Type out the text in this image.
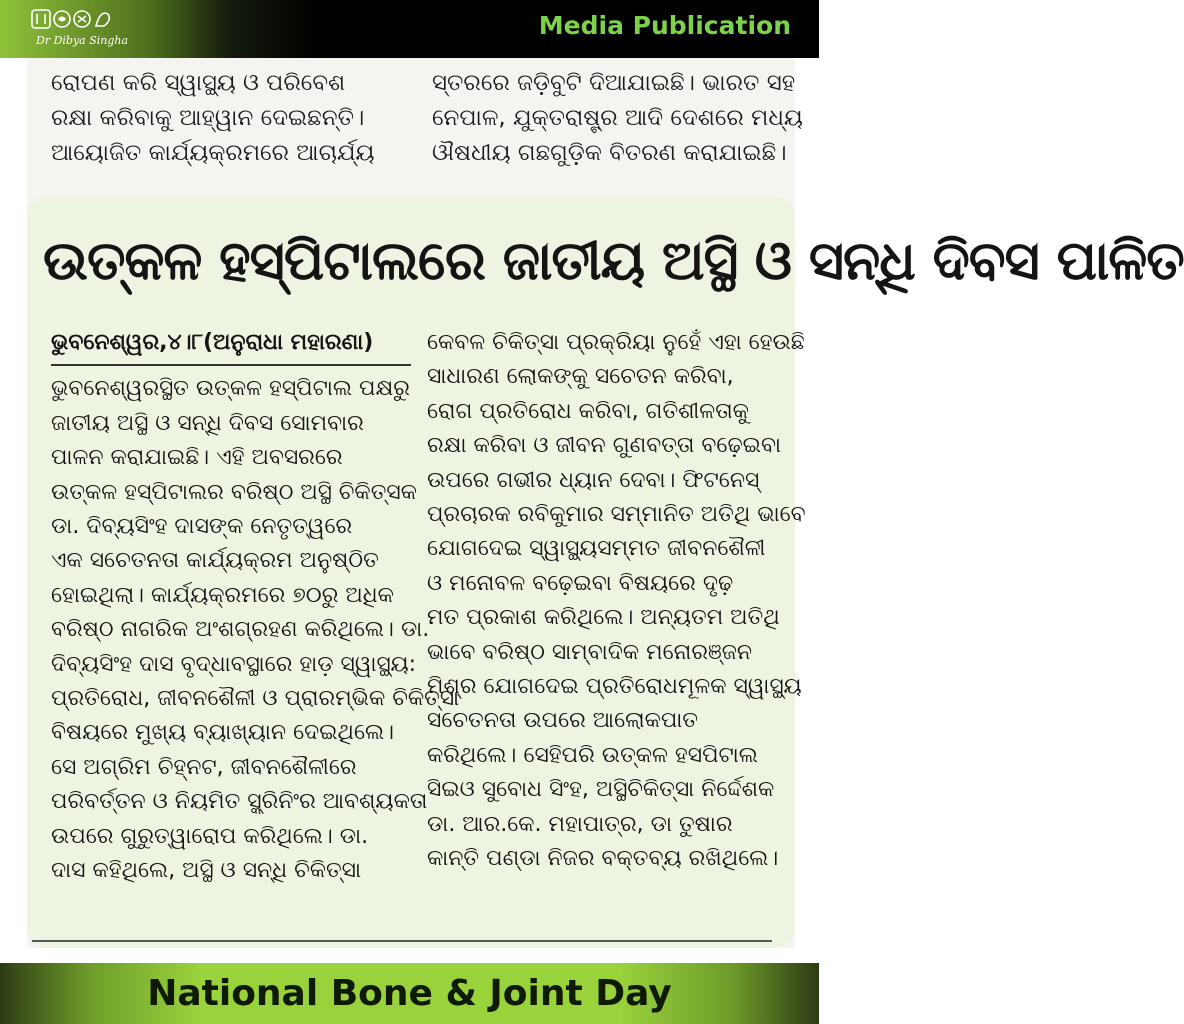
Dr Dibya Singha
Media Publication

ରୋପଣ କରି ସ୍ୱାସ୍ଥ୍ୟ ଓ ପରିବେଶ

ରକ୍ଷା କରିବାକୁ ଆହ୍ୱାନ ଦେଇଛନ୍ତି।

ଆୟୋଜିତ କାର୍ଯ୍ୟକ୍ରମରେ ଆଚାର୍ଯ୍ୟ

ସ୍ତରରେ ଜଡ଼ିବୁଟି ଦିଆଯାଇଛି। ଭାରତ ସହ

ନେପାଳ, ଯୁକ୍ତରାଷ୍ଟ୍ର ଆଦି ଦେଶରେ ମଧ୍ୟ

ଔଷଧୀୟ ଗଛଗୁଡ଼ିକ ବିତରଣ କରାଯାଇଛି।

ଉତ୍କଳ ହସ୍ପିଟାଲରେ ଜାତୀୟ ଅସ୍ଥି ଓ ସନ୍ଧି ଦିବସ ପାଳିତ

ଭୁବନେଶ୍ୱର,୪।୮(ଅନୁରାଧା ମହାରଣା)

ଭୁବନେଶ୍ୱରସ୍ଥିତ ଉତ୍କଳ ହସ୍ପିଟାଲ ପକ୍ଷରୁ

ଜାତୀୟ ଅସ୍ଥି ଓ ସନ୍ଧି ଦିବସ ସୋମବାର

ପାଳନ କରାଯାଇଛି। ଏହି ଅବସରରେ

ଉତ୍କଳ ହସ୍ପିଟାଲର ବରିଷ୍ଠ ଅସ୍ଥି ଚିକିତ୍ସକ

ଡା. ଦିବ୍ୟସିଂହ ଦାସଙ୍କ ନେତୃତ୍ୱରେ

ଏକ ସଚେତନତା କାର୍ଯ୍ୟକ୍ରମ ଅନୁଷ୍ଠିତ

ହୋଇଥିଲା। କାର୍ଯ୍ୟକ୍ରମରେ ୭୦ରୁ ଅଧିକ

ବରିଷ୍ଠ ନାଗରିକ ଅଂଶଗ୍ରହଣ କରିଥିଲେ। ଡା.

ଦିବ୍ୟସିଂହ ଦାସ ବୃଦ୍ଧାବସ୍ଥାରେ ହାଡ଼ ସ୍ୱାସ୍ଥ୍ୟ:

ପ୍ରତିରୋଧ, ଜୀବନଶୈଳୀ ଓ ପ୍ରାରମ୍ଭିକ ଚିକିତ୍ସା

ବିଷୟରେ ମୁଖ୍ୟ ବ୍ୟାଖ୍ୟାନ ଦେଇଥିଲେ।

ସେ ଅଗ୍ରିମ ଚିହ୍ନଟ, ଜୀବନଶୈଳୀରେ

ପରିବର୍ତ୍ତନ ଓ ନିୟମିତ ସ୍କ୍ରିନିଂର ଆବଶ୍ୟକତା

ଉପରେ ଗୁରୁତ୍ୱାରୋପ କରିଥିଲେ। ଡା.

ଦାସ କହିଥିଲେ, ଅସ୍ଥି ଓ ସନ୍ଧି ଚିକିତ୍ସା

କେବଳ ଚିକିତ୍ସା ପ୍ରକ୍ରିୟା ନୁହେଁ ଏହା ହେଉଛି

ସାଧାରଣ ଲୋକଙ୍କୁ ସଚେତନ କରିବା,

ରୋଗ ପ୍ରତିରୋଧ କରିବା, ଗତିଶୀଳତାକୁ

ରକ୍ଷା କରିବା ଓ ଜୀବନ ଗୁଣବତ୍ତା ବଢ଼େଇବା

ଉପରେ ଗଭୀର ଧ୍ୟାନ ଦେବା। ଫିଟନେସ୍

ପ୍ରଚାରକ ରବିକୁମାର ସମ୍ମାନିତ ଅତିଥି ଭାବେ

ଯୋଗଦେଇ ସ୍ୱାସ୍ଥ୍ୟସମ୍ମତ ଜୀବନଶୈଳୀ

ଓ ମନୋବଳ ବଢ଼େଇବା ବିଷୟରେ ଦୃଢ଼

ମତ ପ୍ରକାଶ କରିଥିଲେ। ଅନ୍ୟତମ ଅତିଥି

ଭାବେ ବରିଷ୍ଠ ସାମ୍ବାଦିକ ମନୋରଞ୍ଜନ

ମିଶ୍ର ଯୋଗଦେଇ ପ୍ରତିରୋଧମୂଳକ ସ୍ୱାସ୍ଥ୍ୟ

ସଚେତନତା ଉପରେ ଆଲୋକପାତ

କରିଥିଲେ। ସେହିପରି ଉତ୍କଳ ହସପିଟାଲ

ସିଇଓ ସୁବୋଧ ସିଂହ, ଅସ୍ଥିଚିକିତ୍ସା ନିର୍ଦ୍ଦେଶକ

ଡା. ଆର.କେ. ମହାପାତ୍ର, ଡା ତୁଷାର

କାନ୍ତି ପଣ୍ଡା ନିଜର ବକ୍ତବ୍ୟ ରଖିଥିଲେ।

National Bone & Joint Day
